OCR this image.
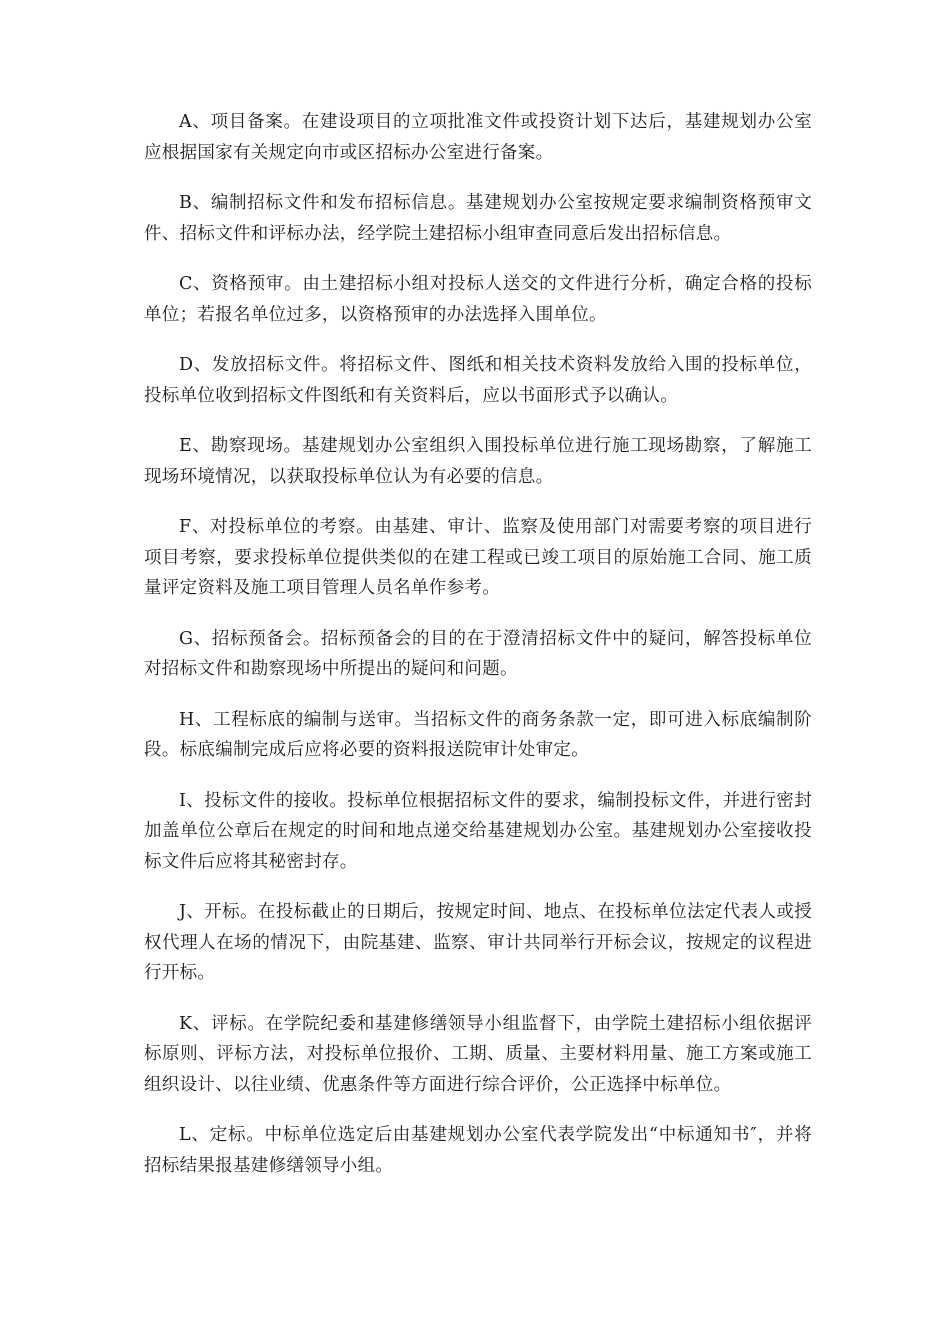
A、项目备案。在建设项目的立项批准文件或投资计划下达后，基建规划办公室应根据国家有关规定向市或区招标办公室进行备案。

B、编制招标文件和发布招标信息。基建规划办公室按规定要求编制资格预审文件、招标文件和评标办法，经学院土建招标小组审查同意后发出招标信息。

C、资格预审。由土建招标小组对投标人送交的文件进行分析，确定合格的投标单位；若报名单位过多，以资格预审的办法选择入围单位。

D、发放招标文件。将招标文件、图纸和相关技术资料发放给入围的投标单位，投标单位收到招标文件图纸和有关资料后，应以书面形式予以确认。

E、勘察现场。基建规划办公室组织入围投标单位进行施工现场勘察，了解施工现场环境情况，以获取投标单位认为有必要的信息。

F、对投标单位的考察。由基建、审计、监察及使用部门对需要考察的项目进行项目考察，要求投标单位提供类似的在建工程或已竣工项目的原始施工合同、施工质量评定资料及施工项目管理人员名单作参考。

G、招标预备会。招标预备会的目的在于澄清招标文件中的疑问，解答投标单位对招标文件和勘察现场中所提出的疑问和问题。

H、工程标底的编制与送审。当招标文件的商务条款一定，即可进入标底编制阶段。标底编制完成后应将必要的资料报送院审计处审定。

I、投标文件的接收。投标单位根据招标文件的要求，编制投标文件，并进行密封加盖单位公章后在规定的时间和地点递交给基建规划办公室。基建规划办公室接收投标文件后应将其秘密封存。

J、开标。在投标截止的日期后，按规定时间、地点、在投标单位法定代表人或授权代理人在场的情况下，由院基建、监察、审计共同举行开标会议，按规定的议程进行开标。

K、评标。在学院纪委和基建修缮领导小组监督下，由学院土建招标小组依据评标原则、评标方法，对投标单位报价、工期、质量、主要材料用量、施工方案或施工组织设计、以往业绩、优惠条件等方面进行综合评价，公正选择中标单位。

L、定标。中标单位选定后由基建规划办公室代表学院发出“中标通知书″，并将招标结果报基建修缮领导小组。
